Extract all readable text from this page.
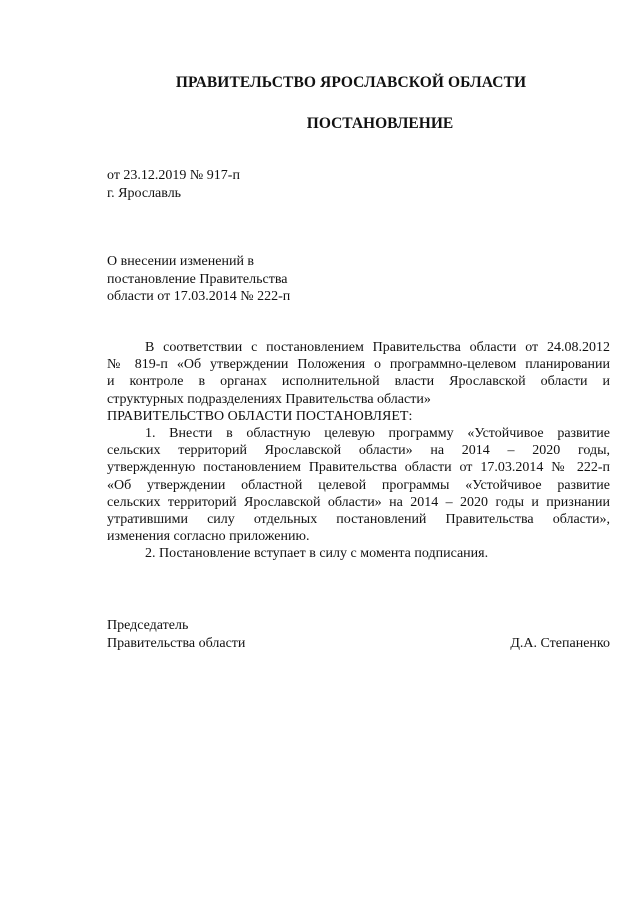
ПРАВИТЕЛЬСТВО ЯРОСЛАВСКОЙ ОБЛАСТИ
ПОСТАНОВЛЕНИЕ
от 23.12.2019 № 917-п
г. Ярославль
О внесении изменений в
постановление Правительства
области от 17.03.2014 № 222-п
В соответствии с постановлением Правительства области от 24.08.2012
№ 819-п «Об утверждении Положения о программно-целевом планировании
и контроле в органах исполнительной власти Ярославской области и
структурных подразделениях Правительства области»
ПРАВИТЕЛЬСТВО ОБЛАСТИ ПОСТАНОВЛЯЕТ:
1. Внести в областную целевую программу «Устойчивое развитие
сельских территорий Ярославской области» на 2014 – 2020 годы,
утвержденную постановлением Правительства области от 17.03.2014 № 222-п
«Об утверждении областной целевой программы «Устойчивое развитие
сельских территорий Ярославской области» на 2014 – 2020 годы и признании
утратившими силу отдельных постановлений Правительства области»,
изменения согласно приложению.
2. Постановление вступает в силу с момента подписания.
Председатель
Правительства области	Д.А. Степаненко
